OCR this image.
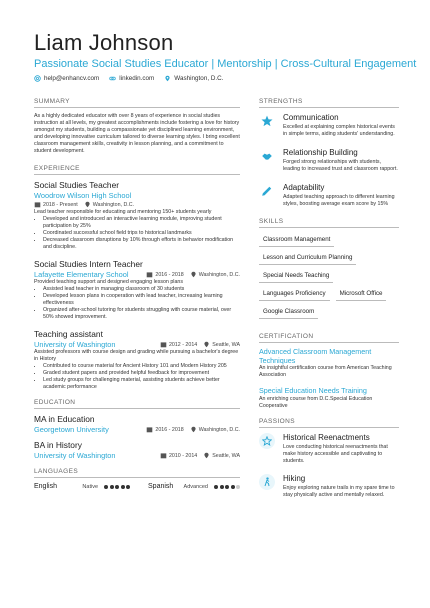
Liam Johnson
Passionate Social Studies Educator | Mentorship | Cross-Cultural Engagement
help@enhancv.com	linkedin.com	Washington, D.C.
SUMMARY

As a highly dedicated educator with over 8 years of experience in social studies instruction at all levels, my greatest accomplishments include fostering a love for history amongst my students, building a compassionate yet disciplined learning environment, and developing innovative curriculum tailored to diverse learning styles. I bring excellent classroom management skills, creativity in lesson planning, and a commitment to student development.

EXPERIENCE
Social Studies Teacher
Woodrow Wilson High School
2018 - Present	Washington, D.C.

Lead teacher responsible for educating and mentoring 150+ students yearly

• Developed and introduced an interactive learning module, improving student participation by 25%
• Coordinated successful school field trips to historical landmarks
• Decreased classroom disruptions by 10% through efforts in behavior modification and discipline.
Social Studies Intern Teacher
Lafayette Elementary School	2016 - 2018	Washington, D.C.

Provided teaching support and designed engaging lesson plans

• Assisted lead teacher in managing classroom of 30 students
• Developed lesson plans in cooperation with lead teacher, increasing learning effectiveness
• Organized after-school tutoring for students struggling with course material, over 50% showed improvement.
Teaching assistant
University of Washington	2012 - 2014	Seattle, WA

Assisted professors with course design and grading while pursuing a bachelor's degree in History

• Contributed to course material for Ancient History 101 and Modern History 205
• Graded student papers and provided helpful feedback for improvement
• Led study groups for challenging material, assisting students achieve better academic performance
EDUCATION
MA in Education
Georgetown University	2016 - 2018	Washington, D.C.
BA in History
University of Washington	2010 - 2014	Seattle, WA
LANGUAGES
English	Native	Spanish	Advanced
STRENGTHS
Communication

Excelled at explaining complex historical events in simple terms, aiding students' understanding.

Relationship Building

Forged strong relationships with students, leading to increased trust and classroom rapport.

Adaptability

Adapted teaching approach to different learning styles, boosting average exam score by 15%

SKILLS
Classroom Management
Lesson and Curriculum Planning
Special Needs Teaching
Languages Proficiency	Microsoft Office
Google Classroom
CERTIFICATION
Advanced Classroom Management Techniques

An insightful certification course from American Teaching Association

Special Education Needs Training

An enriching course from D.C.Special Education Cooperative

PASSIONS
Historical Reenactments

Love conducting historical reenactments that make history accessible and captivating to students.

Hiking

Enjoy exploring nature trails in my spare time to stay physically active and mentally relaxed.
